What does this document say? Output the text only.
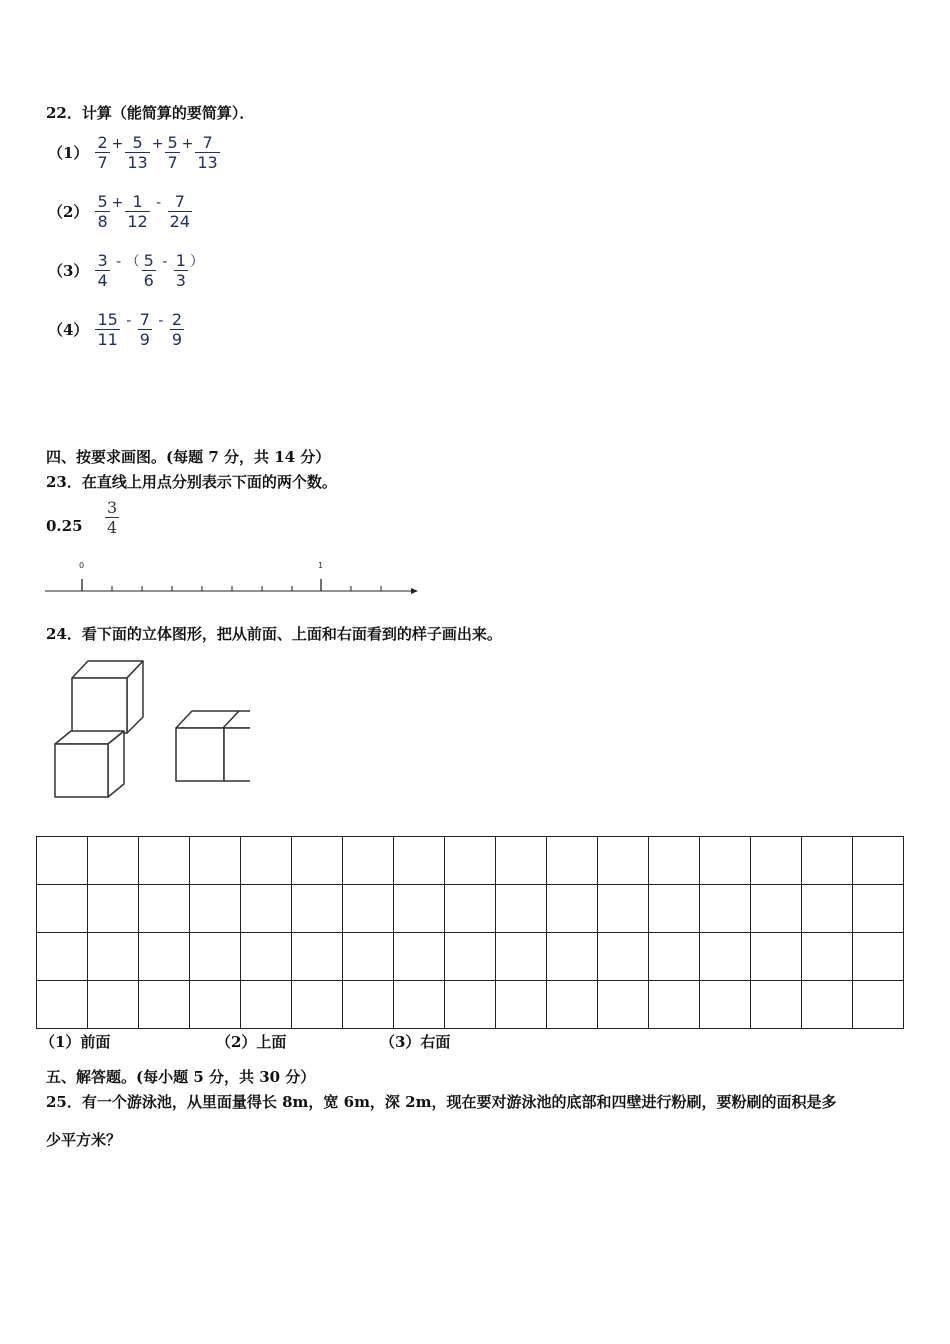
22．计算（能简算的要简算）．
$(1) \frac{2}{7} + \frac{5}{13} + \frac{5}{7} + \frac{7}{13}$
$(2) \frac{5}{8} + \frac{1}{12} - \frac{7}{24}$
$(3) \frac{3}{4}$ - （ $\frac{5}{6} - \frac{1}{3}$ ）
$(4) \frac{15}{11} - \frac{7}{9} - \frac{2}{9}$
四、按要求画图。(每题 7 分，共 14 分）
23．在直线上用点分别表示下面的两个数。
$0.25 \frac{3}{4}$
0	1
24．看下面的立体图形，把从前面、上面和右面看到的样子画出来。

（1）前面	（2）上面	（3）右面
五、解答题。(每小题 5 分，共 30 分）
25．有一个游泳池，从里面量得长 8m，宽 6m，深 2m，现在要对游泳池的底部和四壁进行粉刷，要粉刷的面积是多
少平方米？
